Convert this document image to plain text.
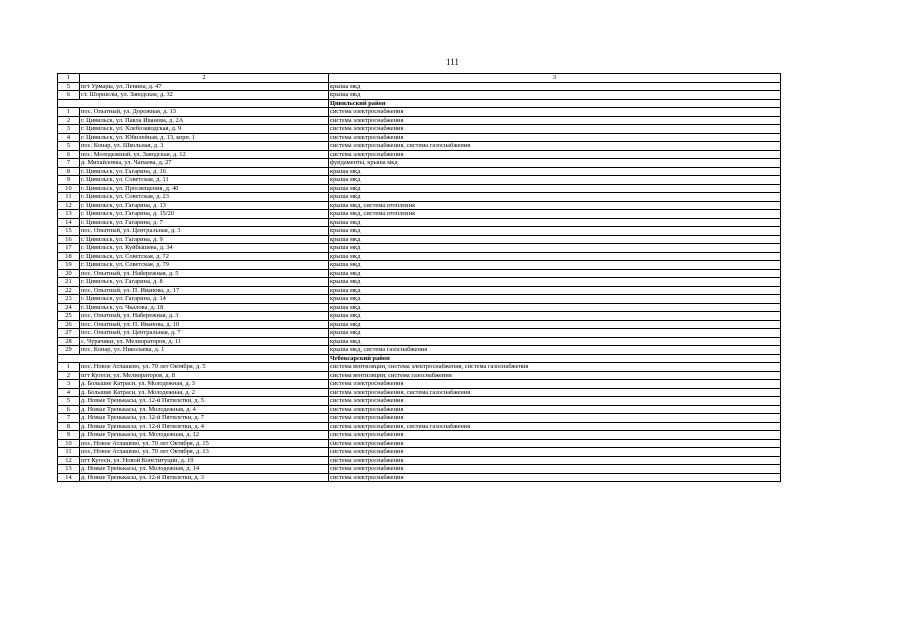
111
1	2	3
5	пгт Урмары, ул. Ленина, д. 47	крыша мкд
6	ст. Шоршелы, ул. Заводская, д. 32	крыша мкд
		Цивильский район
1	пос. Опытный, ул. Дорожная, д. 13	система электроснабжения
2	г. Цивильск, ул. Павла Иванова, д. 2А	система электроснабжения
3	г. Цивильск, ул. Хлебозаводская, д. 9	система электроснабжения
4	г. Цивильск, ул. Юбилейная, д. 13, корп. 1	система электроснабжения
5	пос. Конар, ул. Школьная, д. 3	система электроснабжения, система газоснабжения
6	пос. Молодежный, ул. Заводская, д. 12	система электроснабжения
7	д. Михайловка, ул. Чапаева, д. 27	фундаменты, крыша мкд
8	г. Цивильск, ул. Гагарина, д. 16	крыша мкд
9	г. Цивильск, ул. Советская, д. 11	крыша мкд
10	г. Цивильск, ул. Просвещения, д. 40	крыша мкд
11	г. Цивильск, ул. Советская, д. 23	крыша мкд
12	г. Цивильск, ул. Гагарина, д. 13	крыша мкд, система отопления
13	г. Цивильск, ул. Гагарина, д. 15/20	крыша мкд, система отопления
14	г. Цивильск, ул. Гагарина, д. 7	крыша мкд
15	пос. Опытный, ул. Центральная, д. 3	крыша мкд
16	г. Цивильск, ул. Гагарина, д. 9	крыша мкд
17	г. Цивильск, ул. Куйбышева, д. 34	крыша мкд
18	г. Цивильск, ул. Советская, д. 72	крыша мкд
19	г. Цивильск, ул. Советская, д. 79	крыша мкд
20	пос. Опытный, ул. Набережная, д. 5	крыша мкд
21	г. Цивильск, ул. Гагарина, д. 8	крыша мкд
22	пос. Опытный, ул. П. Иванова, д. 17	крыша мкд
23	г. Цивильск, ул. Гагарина, д. 14	крыша мкд
24	г. Цивильск, ул. Чкалова, д. 18	крыша мкд
25	пос. Опытный, ул. Набережная, д. 3	крыша мкд
26	пос. Опытный, ул. П. Иванова, д. 10	крыша мкд
27	пос. Опытный, ул. Центральная, д. 7	крыша мкд
28	с. Чурачики, ул. Мелиораторов, д. 11	крыша мкд
29	пос. Конар, ул. Николаева, д. 1	крыша мкд, система газоснабжения
		Чебоксарский район
1	пос. Новое Атлашево, ул. 70 лет Октября, д. 5	система вентиляции, система электроснабжения, система газоснабжения
2	пгт Кугеси, ул. Мелиораторов, д. 8	система вентиляции, система газоснабжения
3	д. Большие Катраси, ул. Молодежная, д. 3	система электроснабжения
4	д. Большие Катраси, ул. Молодежная, д. 2	система электроснабжения, система газоснабжения
5	д. Новые Тренькасы, ул. 12-й Пятилетки, д. 5	система электроснабжения
6	д. Новые Тренькасы, ул. Молодежная, д. 4	система электроснабжения
7	д. Новые Тренькасы, ул. 12-й Пятилетки, д. 7	система электроснабжения
8	д. Новые Тренькасы, ул. 12-й Пятилетки, д. 4	система электроснабжения, система газоснабжения
9	д. Новые Тренькасы, ул. Молодежная, д. 12	система электроснабжения
10	пос. Новое Атлашево, ул. 70 лет Октября, д. 15	система электроснабжения
11	пос. Новое Атлашево, ул. 70 лет Октября, д. 13	система электроснабжения
12	пгт Кугеси, ул. Новой Конституции, д. 19	система электроснабжения
13	д. Новые Тренькасы, ул. Молодежная, д. 14	система электроснабжения
14	д. Новые Тренькасы, ул. 12-й Пятилетки, д. 3	система электроснабжения
